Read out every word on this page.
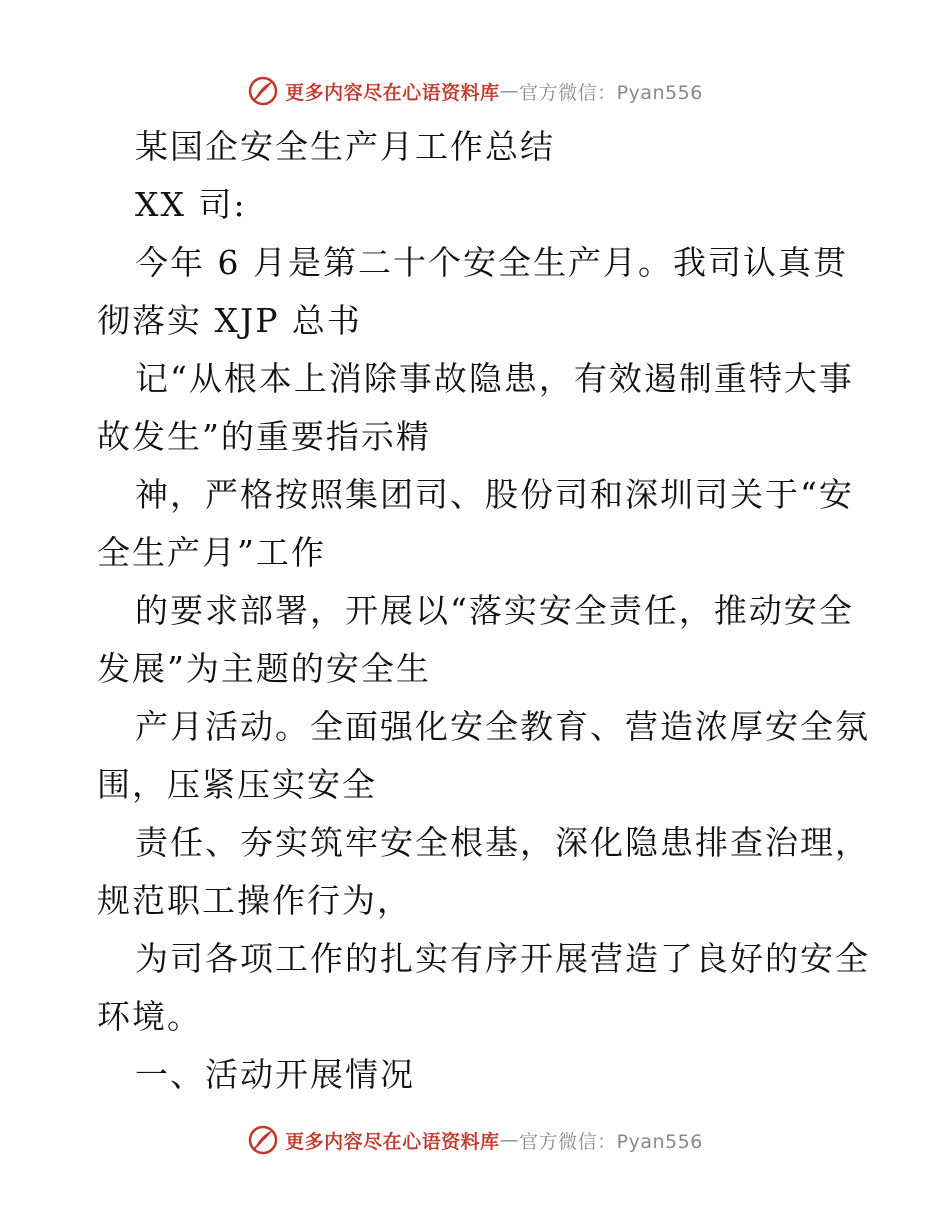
更多内容尽在心语资料库 — 官方微信：Pyan556
某国企安全生产月工作总结
XX 司:
今年 6 月是第二十个安全生产月。我司认真贯
彻落实 XJP 总书
记“从根本上消除事故隐患，有效遏制重特大事
故发生”的重要指示精
神，严格按照集团司、股份司和深圳司关于“安
全生产月”工作
的要求部署，开展以“落实安全责任，推动安全
发展”为主题的安全生
产月活动。全面强化安全教育、营造浓厚安全氛
围，压紧压实安全
责任、夯实筑牢安全根基，深化隐患排查治理，
规范职工操作行为，
为司各项工作的扎实有序开展营造了良好的安全
环境。
一、活动开展情况
更多内容尽在心语资料库 — 官方微信：Pyan556
